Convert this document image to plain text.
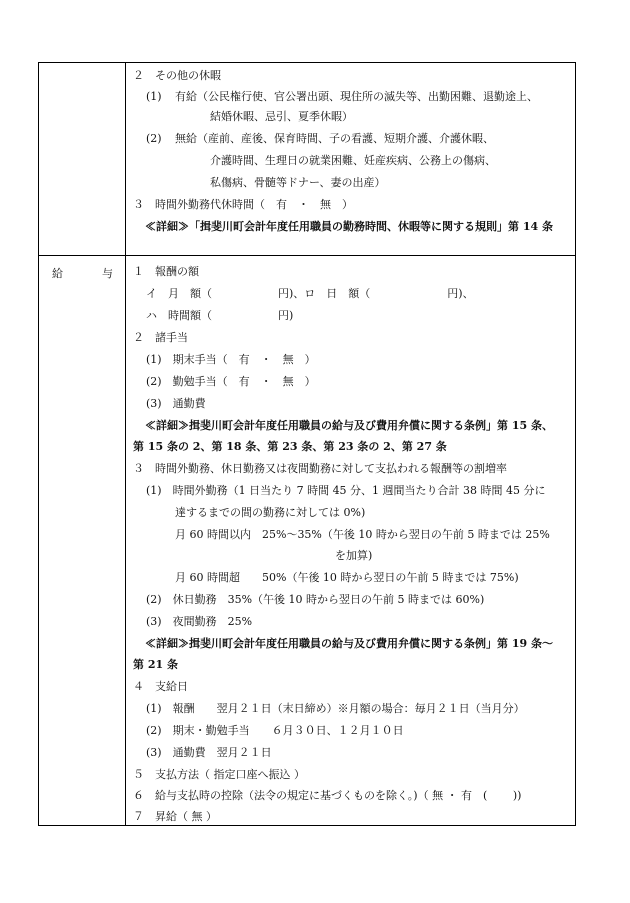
２　その他の休暇
(1) 有給（公民権行使、官公署出頭、現住所の滅失等、出勤困難、退勤途上、
結婚休暇、忌引、夏季休暇）
(2) 無給（産前、産後、保育時間、子の看護、短期介護、介護休暇、
介護時間、生理日の就業困難、妊産疾病、公務上の傷病、
私傷病、骨髄等ドナー、妻の出産）
３　時間外勤務代休時間（　有　・　無　）
≪詳細≫「揖斐川町会計年度任用職員の勤務時間、休暇等に関する規則」第 14 条
給	与 １　報酬の額
イ　月　額（　　　　　　円)、ロ　日　額（　　　　　　　円)、
ハ　時間額（　　　　　　円)
２　諸手当
(1)　期末手当（　有　・　無　）
(2)　勤勉手当（　有　・　無　）
(3)　通勤費
≪詳細≫揖斐川町会計年度任用職員の給与及び費用弁償に関する条例」第 15 条、
第 15 条の 2、第 18 条、第 23 条、第 23 条の 2、第 27 条
３　時間外勤務、休日勤務又は夜間勤務に対して支払われる報酬等の割増率
(1)　時間外勤務（1 日当たり 7 時間 45 分、1 週間当たり合計 38 時間 45 分に
達するまでの間の勤務に対しては 0%)
月 60 時間以内　25%～35%（午後 10 時から翌日の午前 5 時までは 25%
を加算)
月 60 時間超　　50%（午後 10 時から翌日の午前 5 時までは 75%)
(2)　休日勤務　35%（午後 10 時から翌日の午前 5 時までは 60%)
(3)　夜間勤務　25%
≪詳細≫揖斐川町会計年度任用職員の給与及び費用弁償に関する条例」第 19 条～
第 21 条
４　支給日
(1)　報酬　　翌月２１日（末日締め）※月額の場合：毎月２１日（当月分）
(2)　期末・勤勉手当　　６月３０日、１２月１０日
(3)　通勤費　翌月２１日
５　支払方法（ 指定口座へ振込 ）
６　給与支払時の控除（法令の規定に基づくものを除く。)（ 無 ・ 有　(　　 ))
７　昇給（ 無 ）
